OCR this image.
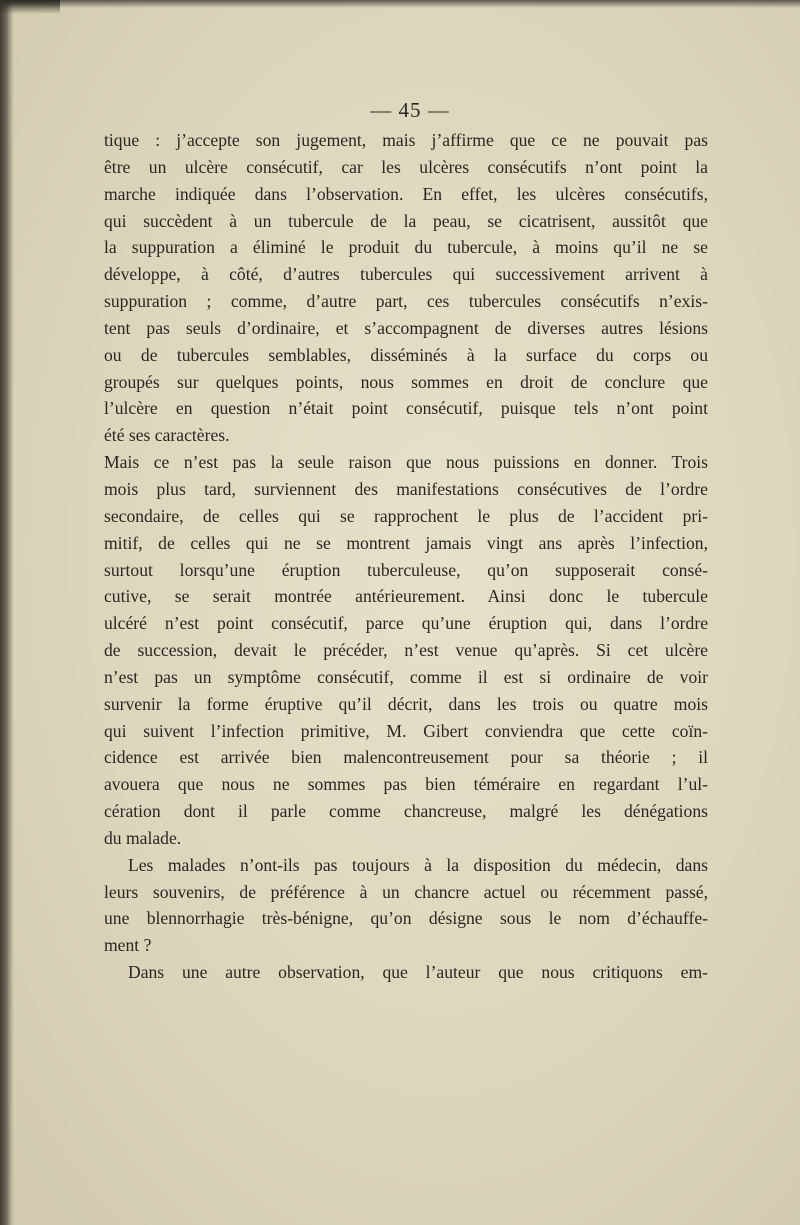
— 45 —
tique : j’accepte son jugement, mais j’affirme que ce ne pouvait pas
être un ulcère consécutif, car les ulcères consécutifs n’ont point la
marche indiquée dans l’observation. En effet, les ulcères consécutifs,
qui succèdent à un tubercule de la peau, se cicatrisent, aussitôt que
la suppuration a éliminé le produit du tubercule, à moins qu’il ne se
développe, à côté, d’autres tubercules qui successivement arrivent à
suppuration ; comme, d’autre part, ces tubercules consécutifs n’exis-
tent pas seuls d’ordinaire, et s’accompagnent de diverses autres lésions
ou de tubercules semblables, disséminés à la surface du corps ou
groupés sur quelques points, nous sommes en droit de conclure que
l’ulcère en question n’était point consécutif, puisque tels n’ont point
été ses caractères.
Mais ce n’est pas la seule raison que nous puissions en donner. Trois
mois plus tard, surviennent des manifestations consécutives de l’ordre
secondaire, de celles qui se rapprochent le plus de l’accident pri-
mitif, de celles qui ne se montrent jamais vingt ans après l’infection,
surtout lorsqu’une éruption tuberculeuse, qu’on supposerait consé-
cutive, se serait montrée antérieurement. Ainsi donc le tubercule
ulcéré n’est point consécutif, parce qu’une éruption qui, dans l’ordre
de succession, devait le précéder, n’est venue qu’après. Si cet ulcère
n’est pas un symptôme consécutif, comme il est si ordinaire de voir
survenir la forme éruptive qu’il décrit, dans les trois ou quatre mois
qui suivent l’infection primitive, M. Gibert conviendra que cette coïn-
cidence est arrivée bien malencontreusement pour sa théorie ; il
avouera que nous ne sommes pas bien téméraire en regardant l’ul-
cération dont il parle comme chancreuse, malgré les dénégations
du malade.
Les malades n’ont-ils pas toujours à la disposition du médecin, dans
leurs souvenirs, de préférence à un chancre actuel ou récemment passé,
une blennorrhagie très-bénigne, qu’on désigne sous le nom d’échauffe-
ment ?
Dans une autre observation, que l’auteur que nous critiquons em-
